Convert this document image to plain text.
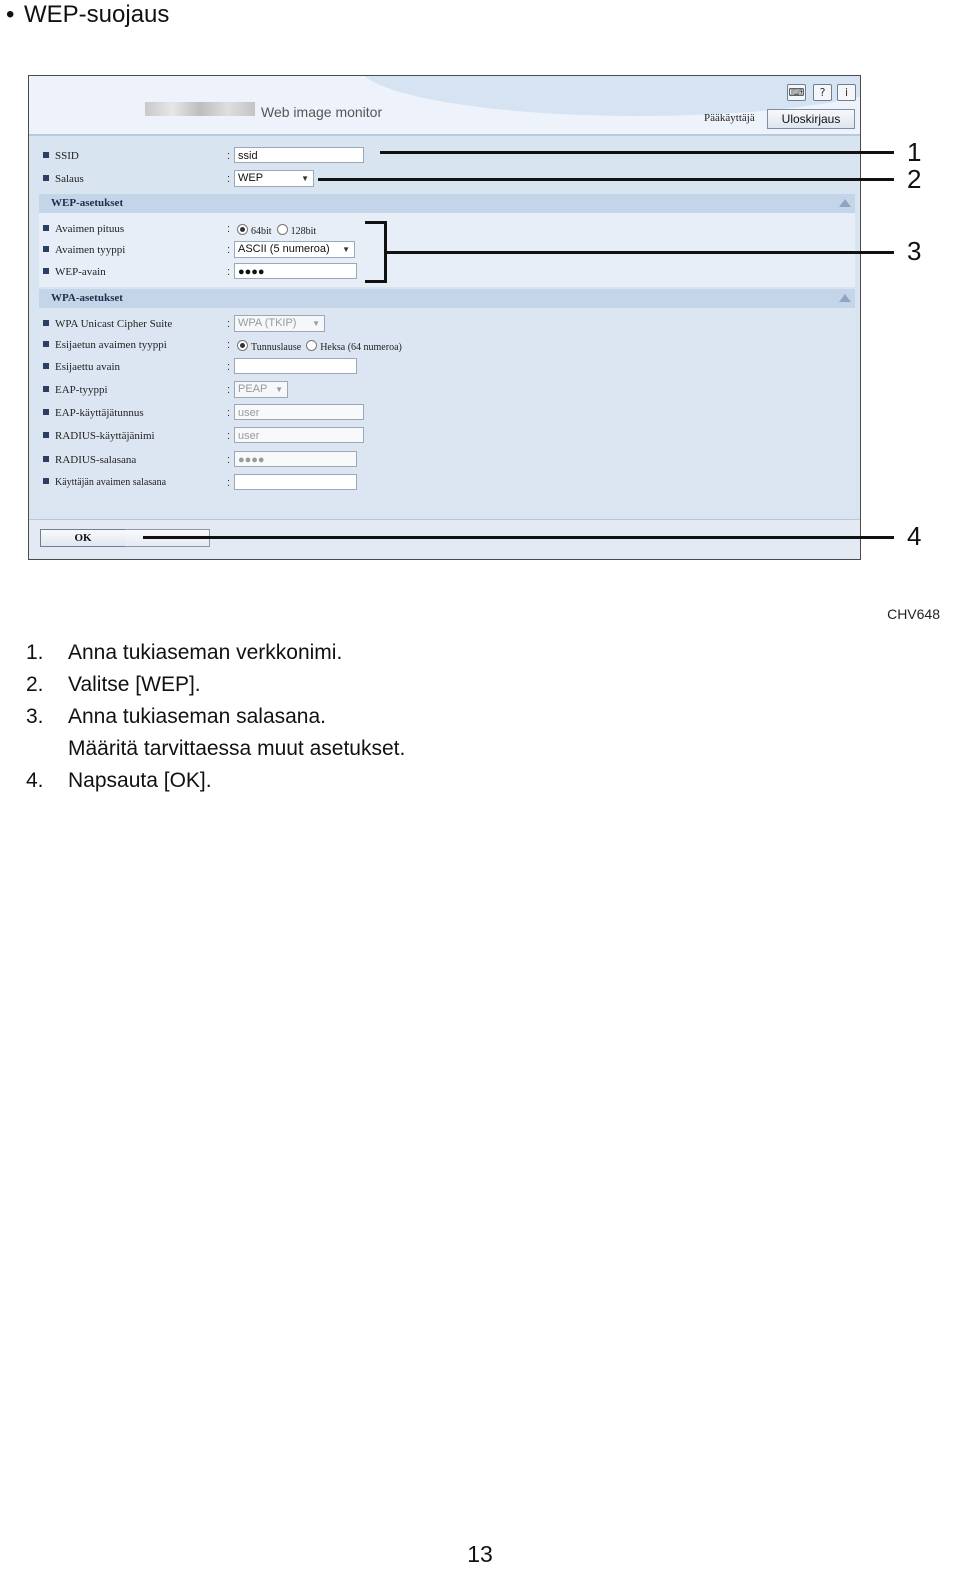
• WEP-suojaus
Web image monitor
⌨	?	i
Pääkäyttäjä	Uloskirjaus
SSID	: ssid
Salaus	: WEP	▼
WEP-asetukset
Avaimen pituus	:	64bit 128bit
Avaimen tyyppi	: ASCII (5 numeroa) ▼
WEP-avain	: ●●●●
WPA-asetukset
WPA Unicast Cipher Suite	: WPA (TKIP) ▼
Esijaetun avaimen tyyppi	:	Tunnuslause Heksa (64 numeroa)
Esijaettu avain	:
EAP-tyyppi	: PEAP ▼
EAP-käyttäjätunnus	: user
RADIUS-käyttäjänimi	: user
RADIUS-salasana	: ●●●●
Käyttäjän avaimen salasana	:
OK
1
2
3
4
CHV648
1. Anna tukiaseman verkkonimi.
2. Valitse [WEP].
3. Anna tukiaseman salasana.
Määritä tarvittaessa muut asetukset.
4. Napsauta [OK].
13
